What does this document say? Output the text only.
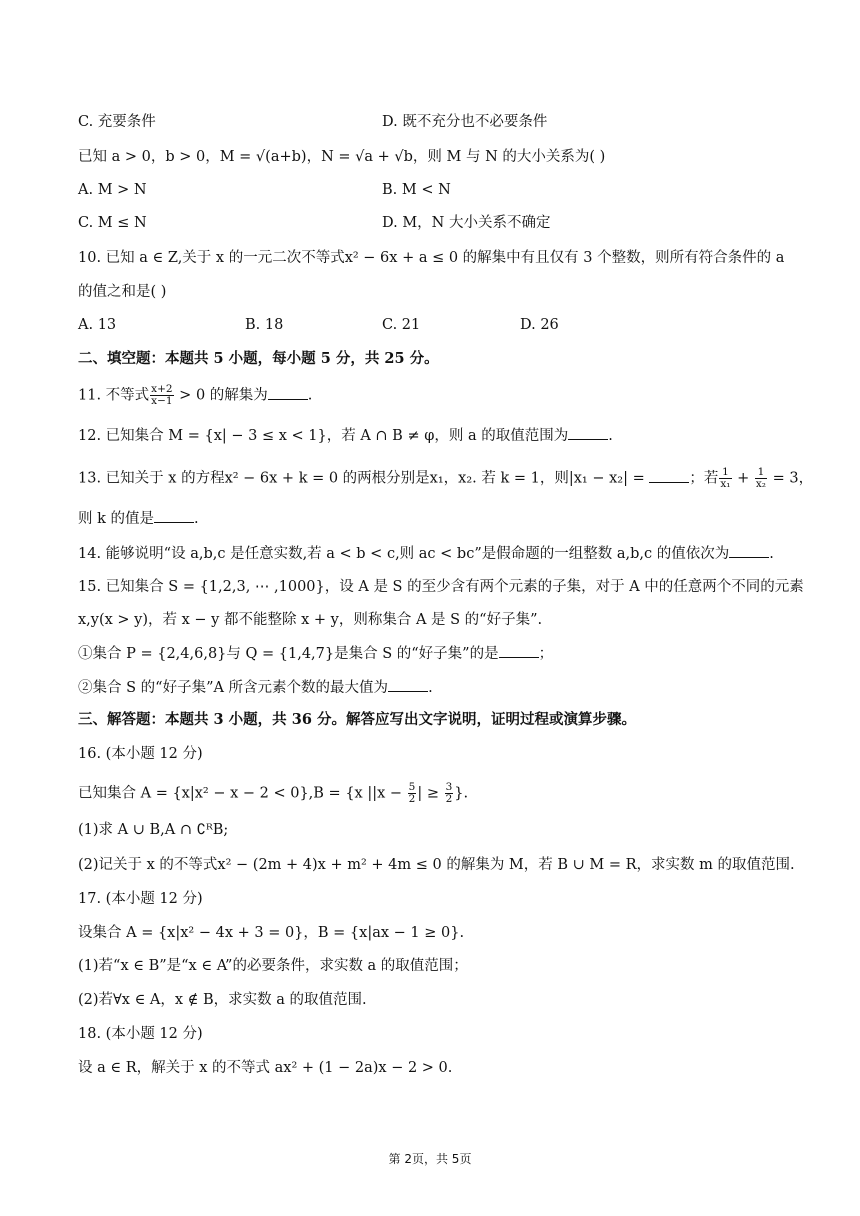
C. 充要条件	D. 既不充分也不必要条件
已知 a > 0，b > 0，M = √(a+b)，N = √a + √b，则 M 与 N 的大小关系为( )
A. M > N	B. M < N
C. M ≤ N	D. M，N 大小关系不确定
10. 已知 a ∈ Z,关于 x 的一元二次不等式x² − 6x + a ≤ 0 的解集中有且仅有 3 个整数，则所有符合条件的 a
的值之和是( )
A. 13	B. 18	C. 21	D. 26
二、填空题：本题共 5 小题，每小题 5 分，共 25 分。
11. 不等式 $\frac{x+2}{x-1} > 0$ 的解集为	.
12. 已知集合 M = {x| − 3 ≤ x < 1}，若 A ∩ B ≠ φ，则 a 的取值范围为	.
13. 已知关于 x 的方程x² − 6x + k = 0 的两根分别是x₁，x₂. 若 k = 1，则|x₁ − x₂| =	；若 $\frac{1}{\text{x₁}} + \frac{1}{\text{x₂}} = 3$，
则 k 的值是	.
14. 能够说明“设 a,b,c 是任意实数,若 a < b < c,则 ac < bc”是假命题的一组整数 a,b,c 的值依次为	.
15. 已知集合 S = {1,2,3, ⋯ ,1000}，设 A 是 S 的至少含有两个元素的子集，对于 A 中的任意两个不同的元素
x,y(x > y)，若 x − y 都不能整除 x + y，则称集合 A 是 S 的“好子集”.
①集合 P = {2,4,6,8}与 Q = {1,4,7}是集合 S 的“好子集”的是	；
②集合 S 的“好子集”A 所含元素个数的最大值为	.
三、解答题：本题共 3 小题，共 36 分。解答应写出文字说明，证明过程或演算步骤。
16. (本小题 12 分)
已知集合 A = {x|x² − x − 2 < 0},B = {x $||x - \frac{5}{2}$ | ≥ $\frac{3}{2}$ }.
(1)求 A ∪ B,A ∩ ∁ᴿB;
(2)记关于 x 的不等式x² − (2m + 4)x + m² + 4m ≤ 0 的解集为 M，若 B ∪ M = R，求实数 m 的取值范围.
17. (本小题 12 分)
设集合 A = {x|x² − 4x + 3 = 0}，B = {x|ax − 1 ≥ 0}.
(1)若“x ∈ B”是“x ∈ A”的必要条件，求实数 a 的取值范围；
(2)若∀x ∈ A，x ∉ B，求实数 a 的取值范围.
18. (本小题 12 分)
设 a ∈ R，解关于 x 的不等式 ax² + (1 − 2a)x − 2 > 0.
第 2页，共 5页
